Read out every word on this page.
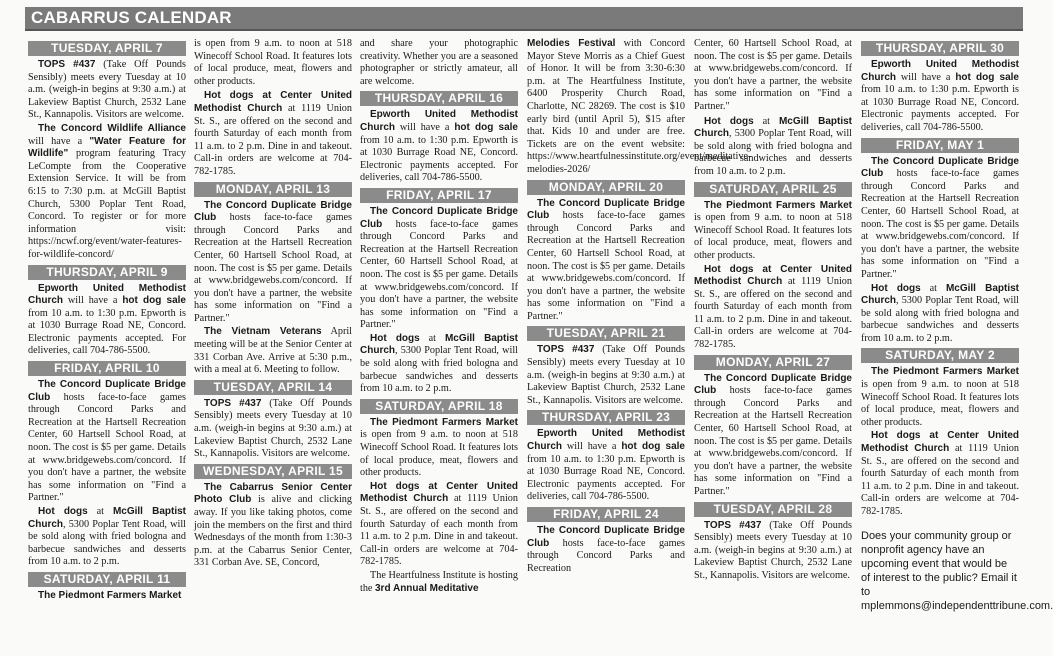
CABARRUS CALENDAR
TUESDAY, APRIL 7

TOPS #437 (Take Off Pounds Sensibly) meets every Tuesday at 10 a.m. (weigh-in begins at 9:30 a.m.) at Lakeview Baptist Church, 2532 Lane St., Kannapolis. Visitors are welcome.

The Concord Wildlife Alliance will have a "Water Feature for Wildlife" program featuring Tracy LeCompte from the Cooperative Extension Service. It will be from 6:15 to 7:30 p.m. at McGill Baptist Church, 5300 Poplar Tent Road, Concord. To register or for more information visit: https://ncwf.org/event/water-features-for-wildlife-concord/

THURSDAY, APRIL 9

Epworth United Methodist Church will have a hot dog sale from 10 a.m. to 1:30 p.m. Epworth is at 1030 Burrage Road NE, Concord. Electronic payments accepted. For deliveries, call 704-786-5500.

FRIDAY, APRIL 10

The Concord Duplicate Bridge Club hosts face-to-face games through Concord Parks and Recreation at the Hartsell Recreation Center, 60 Hartsell School Road, at noon. The cost is $5 per game. Details at www.bridgewebs.com/concord. If you don't have a partner, the website has some information on "Find a Partner."

Hot dogs at McGill Baptist Church, 5300 Poplar Tent Road, will be sold along with fried bologna and barbecue sandwiches and desserts from 10 a.m. to 2 p.m.

SATURDAY, APRIL 11

The Piedmont Farmers Market

is open from 9 a.m. to noon at 518 Winecoff School Road. It features lots of local produce, meat, flowers and other products.

Hot dogs at Center United Methodist Church at 1119 Union St. S., are offered on the second and fourth Saturday of each month from 11 a.m. to 2 p.m. Dine in and takeout. Call-in orders are welcome at 704-782-1785.

MONDAY, APRIL 13

The Concord Duplicate Bridge Club hosts face-to-face games through Concord Parks and Recreation at the Hartsell Recreation Center, 60 Hartsell School Road, at noon. The cost is $5 per game. Details at www.bridgewebs.com/concord. If you don't have a partner, the website has some information on "Find a Partner."

The Vietnam Veterans April meeting will be at the Senior Center at 331 Corban Ave. Arrive at 5:30 p.m., with a meal at 6. Meeting to follow.

TUESDAY, APRIL 14

TOPS #437 (Take Off Pounds Sensibly) meets every Tuesday at 10 a.m. (weigh-in begins at 9:30 a.m.) at Lakeview Baptist Church, 2532 Lane St., Kannapolis. Visitors are welcome.

WEDNESDAY, APRIL 15

The Cabarrus Senior Center Photo Club is alive and clicking away. If you like taking photos, come join the members on the first and third Wednesdays of the month from 1:30-3 p.m. at the Cabarrus Senior Center, 331 Corban Ave. SE, Concord,

and share your photographic creativity. Whether you are a seasoned photographer or strictly amateur, all are welcome.

THURSDAY, APRIL 16

Epworth United Methodist Church will have a hot dog sale from 10 a.m. to 1:30 p.m. Epworth is at 1030 Burrage Road NE, Concord. Electronic payments accepted. For deliveries, call 704-786-5500.

FRIDAY, APRIL 17

The Concord Duplicate Bridge Club hosts face-to-face games through Concord Parks and Recreation at the Hartsell Recreation Center, 60 Hartsell School Road, at noon. The cost is $5 per game. Details at www.bridgewebs.com/concord. If you don't have a partner, the website has some information on "Find a Partner."

Hot dogs at McGill Baptist Church, 5300 Poplar Tent Road, will be sold along with fried bologna and barbecue sandwiches and desserts from 10 a.m. to 2 p.m.

SATURDAY, APRIL 18

The Piedmont Farmers Market is open from 9 a.m. to noon at 518 Winecoff School Road. It features lots of local produce, meat, flowers and other products.

Hot dogs at Center United Methodist Church at 1119 Union St. S., are offered on the second and fourth Saturday of each month from 11 a.m. to 2 p.m. Dine in and takeout. Call-in orders are welcome at 704-782-1785.

The Heartfulness Institute is hosting the 3rd Annual Meditative

Melodies Festival with Concord Mayor Steve Morris as a Chief Guest of Honor. It will be from 3:30-6:30 p.m. at The Heartfulness Institute, 6400 Prosperity Church Road, Charlotte, NC 28269. The cost is $10 early bird (until April 5), $15 after that. Kids 10 and under are free. Tickets are on the event website: https://www.heartfulnessinstitute.org/event/meditative-melodies-2026/

MONDAY, APRIL 20

The Concord Duplicate Bridge Club hosts face-to-face games through Concord Parks and Recreation at the Hartsell Recreation Center, 60 Hartsell School Road, at noon. The cost is $5 per game. Details at www.bridgewebs.com/concord. If you don't have a partner, the website has some information on "Find a Partner."

TUESDAY, APRIL 21

TOPS #437 (Take Off Pounds Sensibly) meets every Tuesday at 10 a.m. (weigh-in begins at 9:30 a.m.) at Lakeview Baptist Church, 2532 Lane St., Kannapolis. Visitors are welcome.

THURSDAY, APRIL 23

Epworth United Methodist Church will have a hot dog sale from 10 a.m. to 1:30 p.m. Epworth is at 1030 Burrage Road NE, Concord. Electronic payments accepted. For deliveries, call 704-786-5500.

FRIDAY, APRIL 24

The Concord Duplicate Bridge Club hosts face-to-face games through Concord Parks and Recreation

Center, 60 Hartsell School Road, at noon. The cost is $5 per game. Details at www.bridgewebs.com/concord. If you don't have a partner, the website has some information on "Find a Partner."

Hot dogs at McGill Baptist Church, 5300 Poplar Tent Road, will be sold along with fried bologna and barbecue sandwiches and desserts from 10 a.m. to 2 p.m.

SATURDAY, APRIL 25

The Piedmont Farmers Market is open from 9 a.m. to noon at 518 Winecoff School Road. It features lots of local produce, meat, flowers and other products.

Hot dogs at Center United Methodist Church at 1119 Union St. S., are offered on the second and fourth Saturday of each month from 11 a.m. to 2 p.m. Dine in and takeout. Call-in orders are welcome at 704-782-1785.

MONDAY, APRIL 27

The Concord Duplicate Bridge Club hosts face-to-face games through Concord Parks and Recreation at the Hartsell Recreation Center, 60 Hartsell School Road, at noon. The cost is $5 per game. Details at www.bridgewebs.com/concord. If you don't have a partner, the website has some information on "Find a Partner."

TUESDAY, APRIL 28

TOPS #437 (Take Off Pounds Sensibly) meets every Tuesday at 10 a.m. (weigh-in begins at 9:30 a.m.) at Lakeview Baptist Church, 2532 Lane St., Kannapolis. Visitors are welcome.

THURSDAY, APRIL 30

Epworth United Methodist Church will have a hot dog sale from 10 a.m. to 1:30 p.m. Epworth is at 1030 Burrage Road NE, Concord. Electronic payments accepted. For deliveries, call 704-786-5500.

FRIDAY, MAY 1

The Concord Duplicate Bridge Club hosts face-to-face games through Concord Parks and Recreation at the Hartsell Recreation Center, 60 Hartsell School Road, at noon. The cost is $5 per game. Details at www.bridgewebs.com/concord. If you don't have a partner, the website has some information on "Find a Partner."

Hot dogs at McGill Baptist Church, 5300 Poplar Tent Road, will be sold along with fried bologna and barbecue sandwiches and desserts from 10 a.m. to 2 p.m.

SATURDAY, MAY 2

The Piedmont Farmers Market is open from 9 a.m. to noon at 518 Winecoff School Road. It features lots of local produce, meat, flowers and other products.

Hot dogs at Center United Methodist Church at 1119 Union St. S., are offered on the second and fourth Saturday of each month from 11 a.m. to 2 p.m. Dine in and takeout. Call-in orders are welcome at 704-782-1785.

Does your community group or nonprofit agency have an upcoming event that would be of interest to the public? Email it to mplemmons@independenttribune.com.
